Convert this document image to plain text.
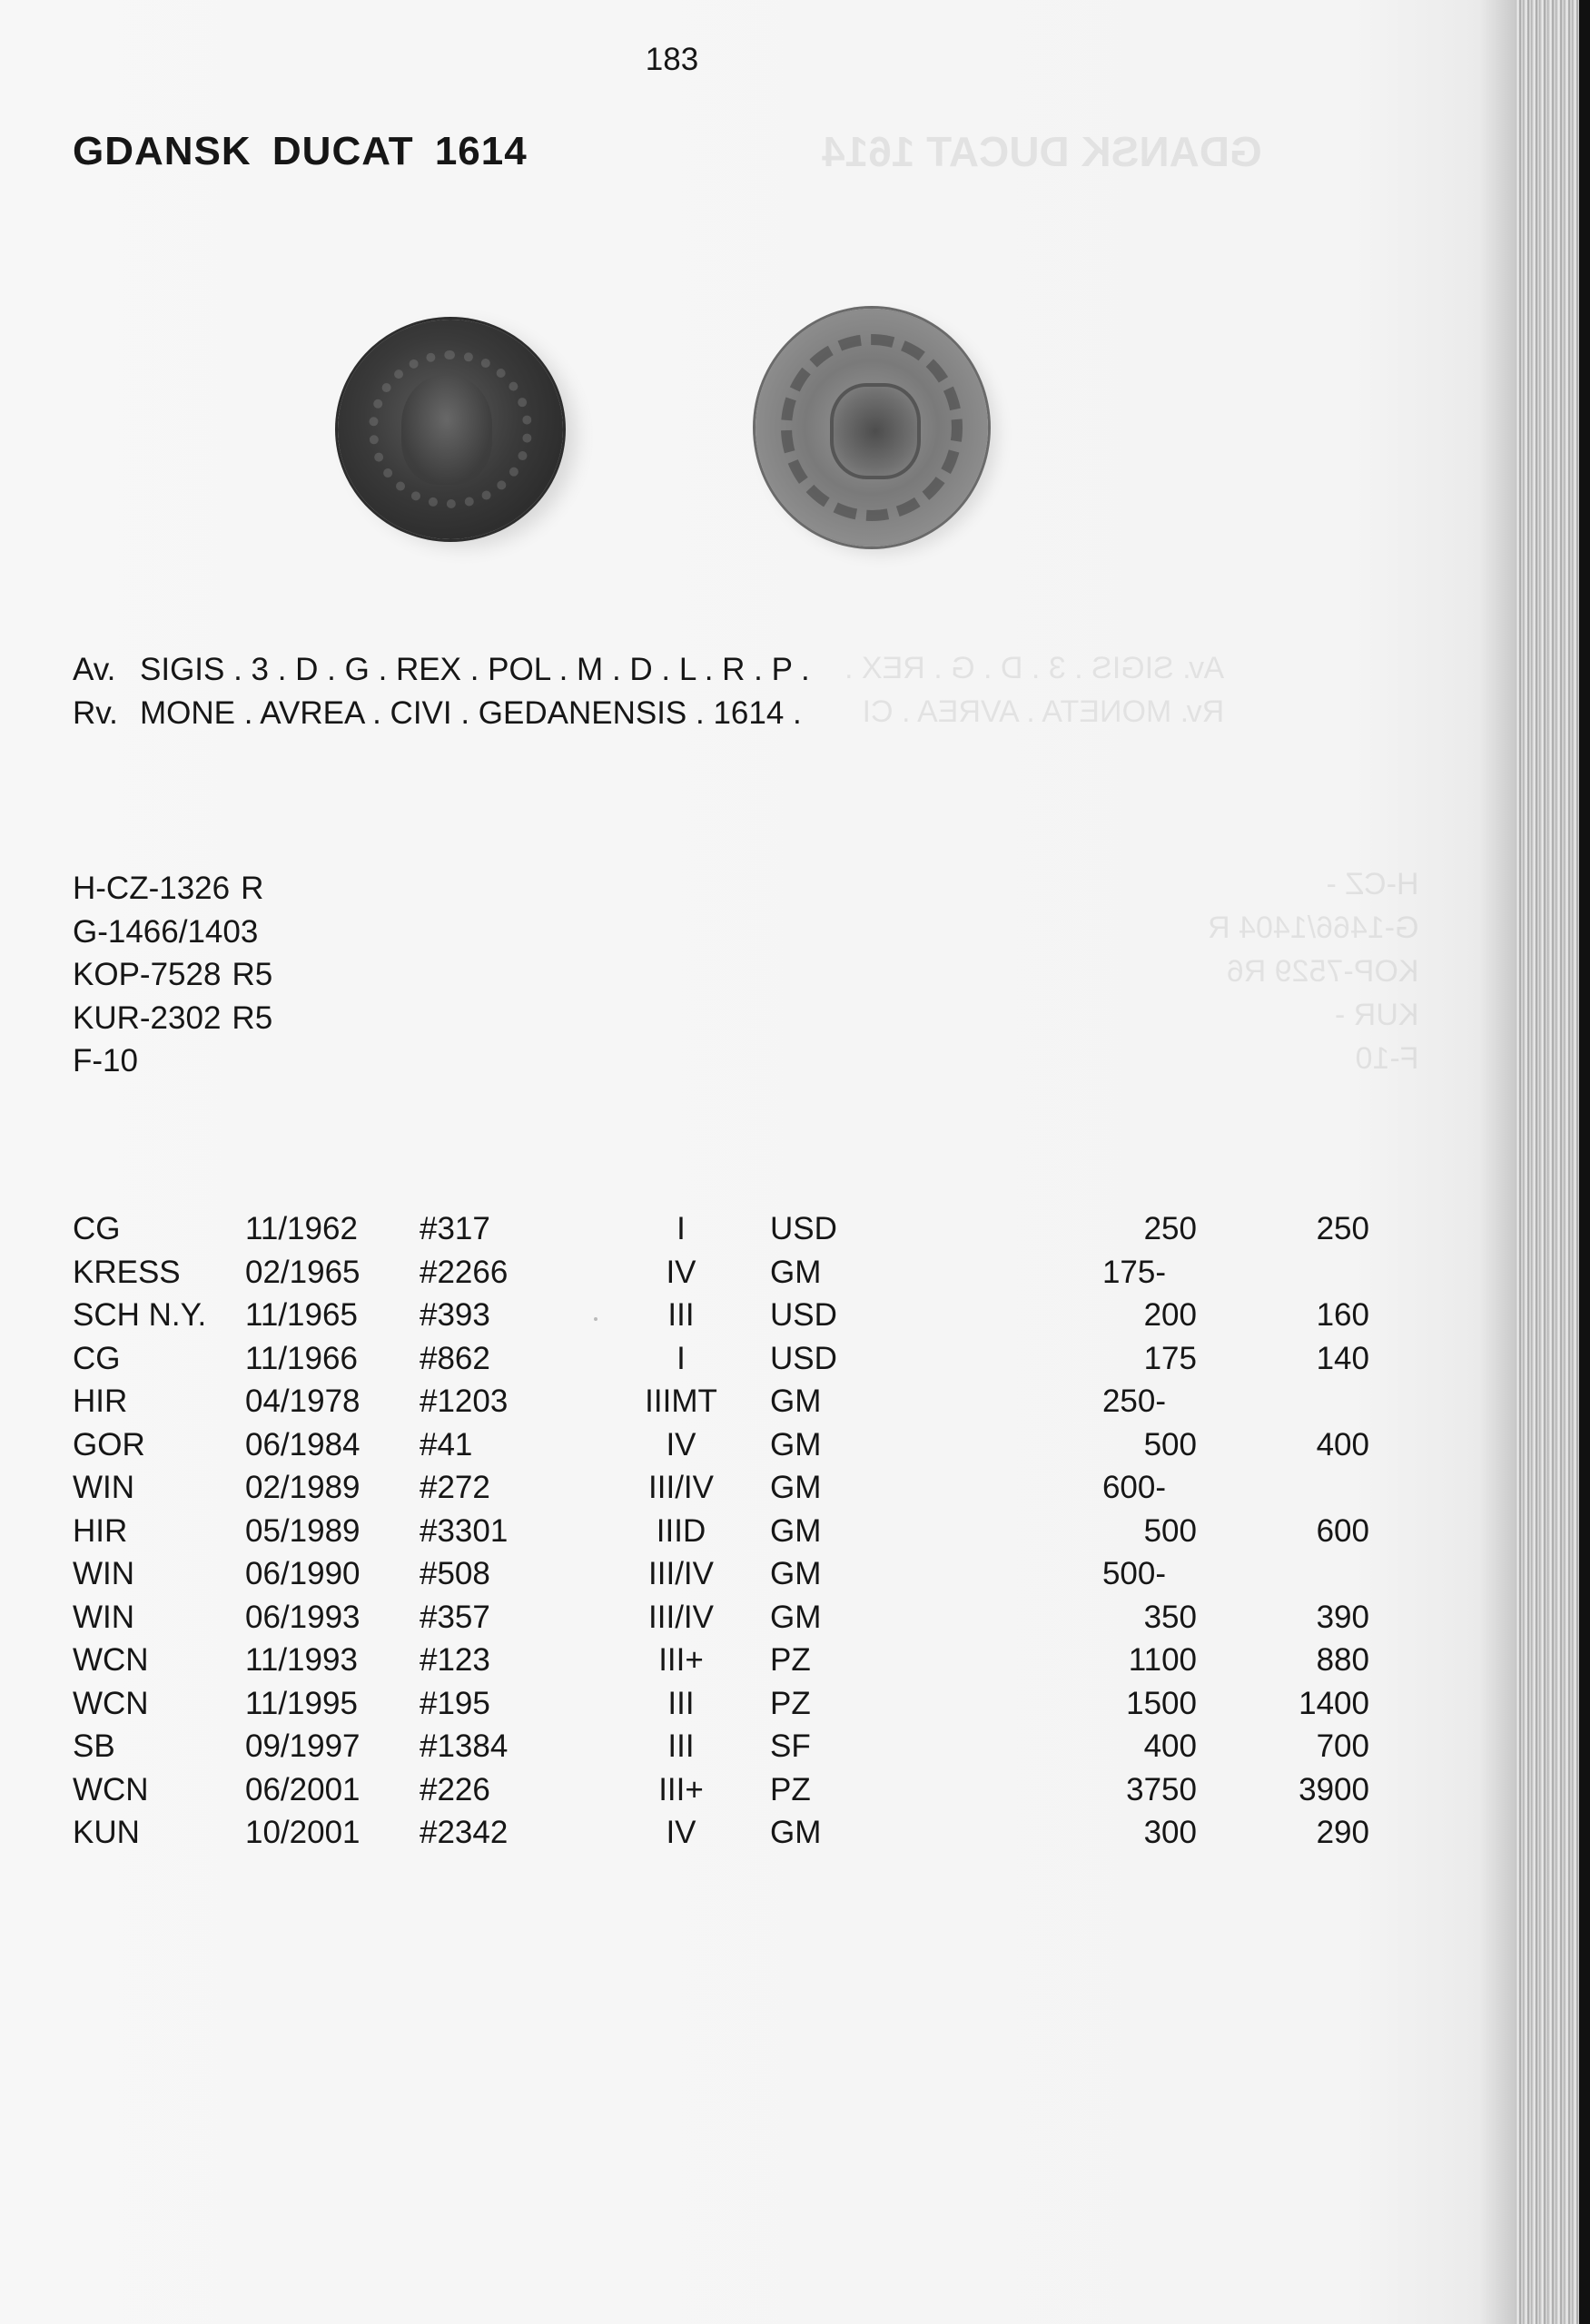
GDANSK DUCAT 1614
Av. SIGIS . 3 . D . G . REX .
Rv. MONETA . AVREA . CI
H-CZ -
G-1466/1404 R
KOP-7529 R6
KUR -
F-10
183
GDANSK DUCAT 1614
Av. SIGIS . 3 . D . G . REX . POL . M . D . L . R . P .
Rv. MONE . AVREA . CIVI . GEDANENSIS . 1614 .
H-CZ-1326 R
G-1466/1403
KOP-7528 R5
KUR-2302 R5
F-10
CG	11/1962 #317	I	USD	250	250
KRESS 02/1965 #2266	IV	GM	175-
SCH N.Y. 11/1965 #393	III	USD	200	160
CG	11/1966 #862	I	USD	175	140
HIR	04/1978 #1203	IIIMT	GM	250-
GOR	06/1984 #41	IV	GM	500	400
WIN	02/1989 #272	III/IV	GM	600-
HIR	05/1989 #3301	IIID	GM	500	600
WIN	06/1990 #508	III/IV	GM	500-
WIN	06/1993 #357	III/IV	GM	350	390
WCN	11/1993 #123	III+	PZ	1100	880
WCN	11/1995 #195	III	PZ	1500	1400
SB	09/1997 #1384	III	SF	400	700
WCN	06/2001 #226	III+	PZ	3750	3900
KUN	10/2001 #2342	IV	GM	300	290
